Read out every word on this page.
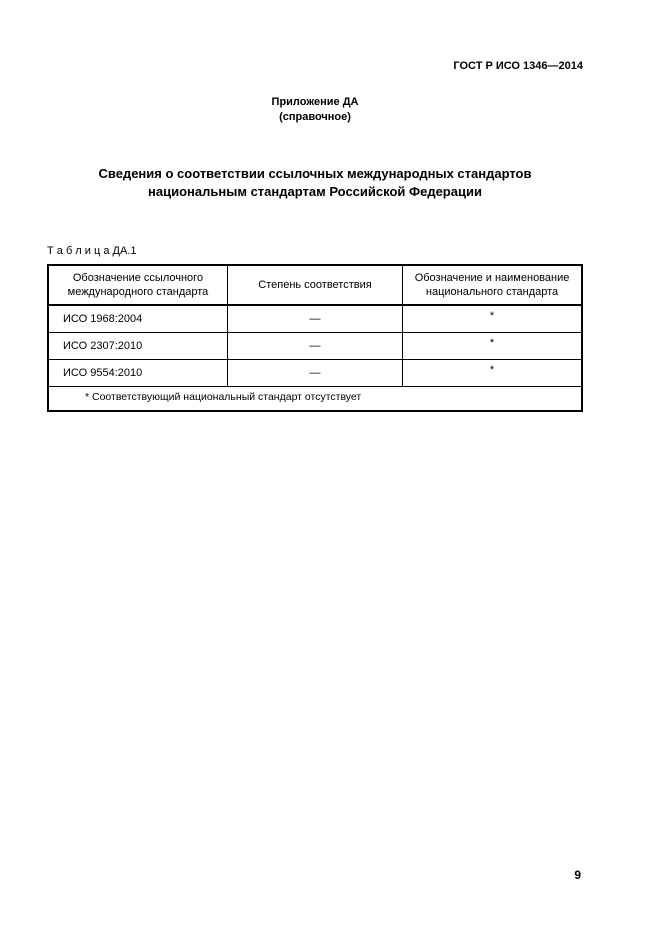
ГОСТ Р ИСО 1346—2014
Приложение ДА
(справочное)
Сведения о соответствии ссылочных международных стандартов национальным стандартам Российской Федерации
Т а б л и ц а ДА.1
Обозначение ссылочного международного стандарта	Степень соответствия	Обозначение и наименование национального стандарта
ИСО 1968:2004	—	*
ИСО 2307:2010	—	*
ИСО 9554:2010	—	*
* Соответствующий национальный стандарт отсутствует		
9
